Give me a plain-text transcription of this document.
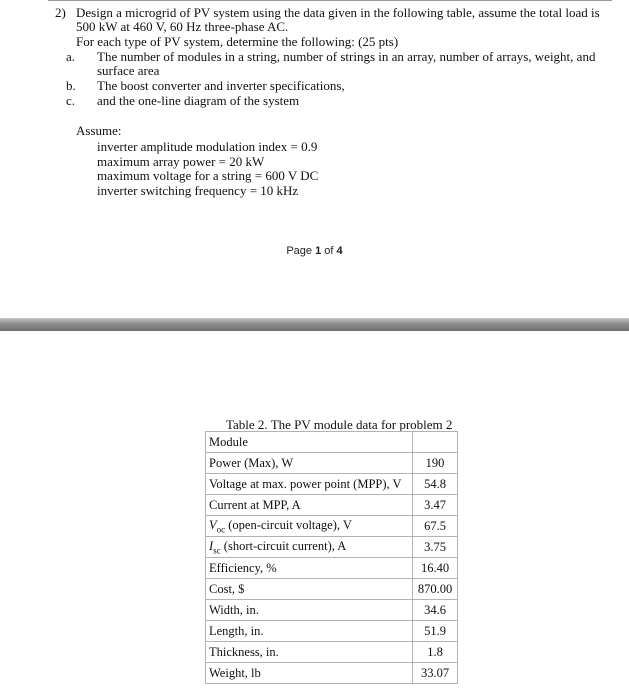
2) Design a microgrid of PV system using the data given in the following table, assume the total load is
500 kW at 460 V, 60 Hz three-phase AC.
For each type of PV system, determine the following: (25 pts)
a. The number of modules in a string, number of strings in an array, number of arrays, weight, and
surface area
b. The boost converter and inverter specifications,
c. and the one-line diagram of the system
Assume:
inverter amplitude modulation index = 0.9
maximum array power = 20 kW
maximum voltage for a string = 600 V DC
inverter switching frequency = 10 kHz
Page 1 of 4
Table 2. The PV module data for problem 2
Module	
Power (Max), W	190
Voltage at max. power point (MPP), V	54.8
Current at MPP, A	3.47
$V_{oc}$ (open-circuit voltage), V	67.5
$I_{sc}$ (short-circuit current), A	3.75
Efficiency, %	16.40
Cost, $	870.00
Width, in.	34.6
Length, in.	51.9
Thickness, in.	1.8
Weight, lb	33.07
